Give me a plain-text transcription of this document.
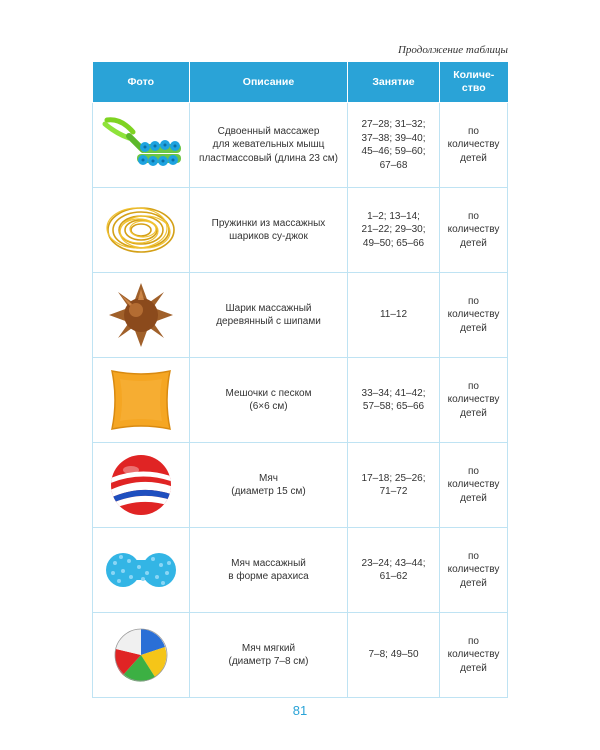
Продолжение таблицы
Фото	Описание	Занятие	Количе-
ство

	Сдвоенный массажер
для жевательных мышц
пластмассовый (длина 23 см)	27–28; 31–32;
37–38; 39–40;
45–46; 59–60;
67–68	по
количеству
детей

	Пружинки из массажных
шариков су-джок	1–2; 13–14;
21–22; 29–30;
49–50; 65–66	по
количеству
детей

	Шарик массажный
деревянный с шипами	11–12	по
количеству
детей

	Мешочки с песком
(6×6 см)	33–34; 41–42;
57–58; 65–66	по
количеству
детей

	Мяч
(диаметр 15 см)	17–18; 25–26;
71–72	по
количеству
детей

	Мяч массажный
в форме арахиса	23–24; 43–44;
61–62	по
количеству
детей

	Мяч мягкий
(диаметр 7–8 см)	7–8; 49–50	по
количеству
детей
81
